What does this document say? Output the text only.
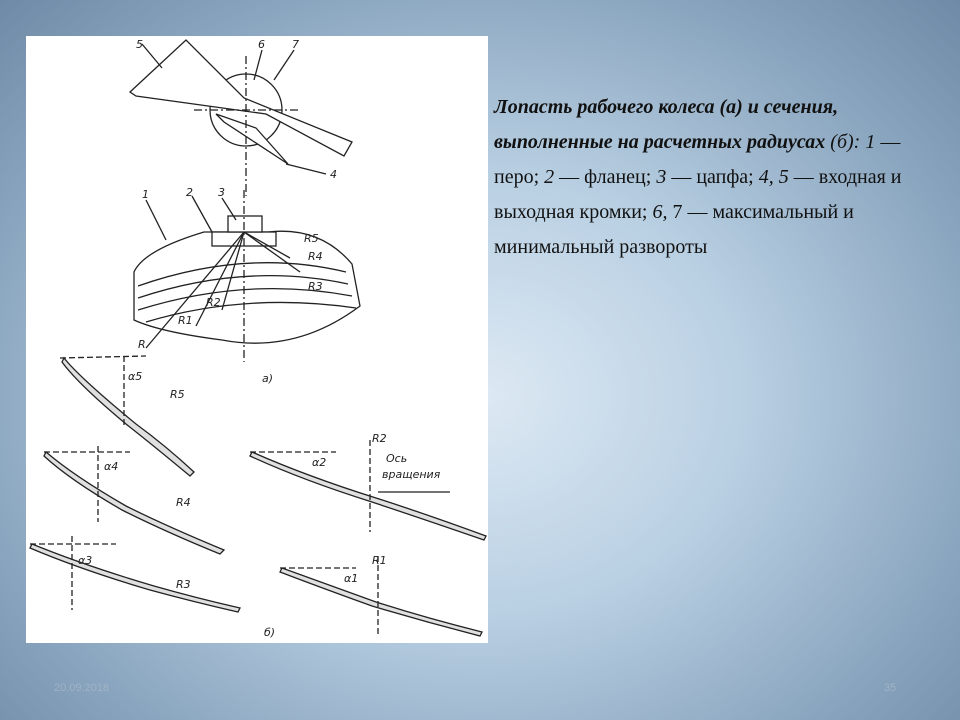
5	6 7
4
1	2 3
R5
R4
R3
R2
R1
R
а)
α5
R5
α4
R4
α3
R3
R2
α2	Ось
вращения
R1
α1
б)
Лопасть рабочего колеса (а) и сечения, выполненные на расчетных радиусах (б): 1 — перо; 2 — фланец; 3 — цапфа; 4, 5 — входная и выходная кромки; 6, 7 — максимальный и минимальный развороты
20.09.2018	35
